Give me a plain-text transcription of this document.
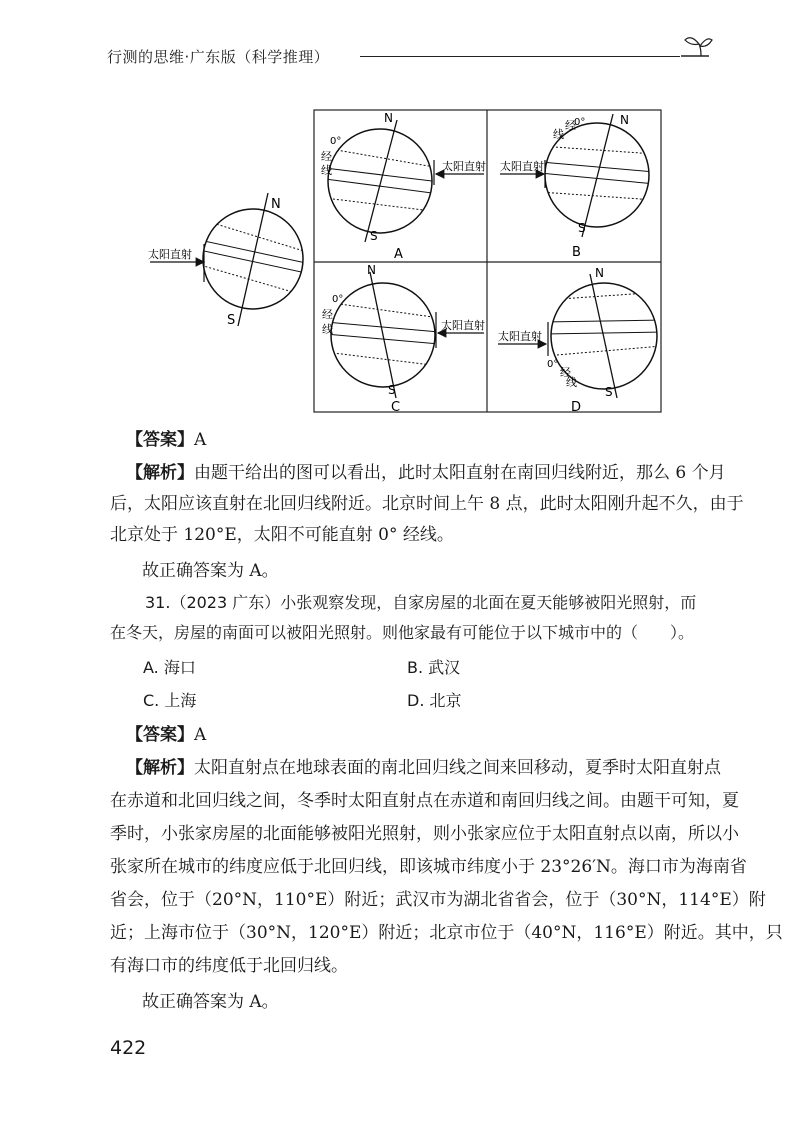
行测的思维·广东版（科学推理）
N
S
太阳直射
N
S
0°
经
线	太阳直射
A
N
S
0°
经
线
太阳直射
B
N
S
0°
经
线	太阳直射
C
N
S
0°
经
线
太阳直射
D
【答案】A
【解析】由题干给出的图可以看出，此时太阳直射在南回归线附近，那么 6 个月
后，太阳应该直射在北回归线附近。北京时间上午 8 点，此时太阳刚升起不久，由于
北京处于 120°E，太阳不可能直射 0° 经线。
故正确答案为 A。
31.（2023 广东）小张观察发现，自家房屋的北面在夏天能够被阳光照射，而
在冬天，房屋的南面可以被阳光照射。则他家最有可能位于以下城市中的（　　）。
A. 海口	B. 武汉
C. 上海	D. 北京
【答案】A
【解析】太阳直射点在地球表面的南北回归线之间来回移动，夏季时太阳直射点
在赤道和北回归线之间，冬季时太阳直射点在赤道和南回归线之间。由题干可知，夏
季时，小张家房屋的北面能够被阳光照射，则小张家应位于太阳直射点以南，所以小
张家所在城市的纬度应低于北回归线，即该城市纬度小于 23°26′N。海口市为海南省
省会，位于（20°N，110°E）附近；武汉市为湖北省省会，位于（30°N，114°E）附
近；上海市位于（30°N，120°E）附近；北京市位于（40°N，116°E）附近。其中，只
有海口市的纬度低于北回归线。
故正确答案为 A。
422
